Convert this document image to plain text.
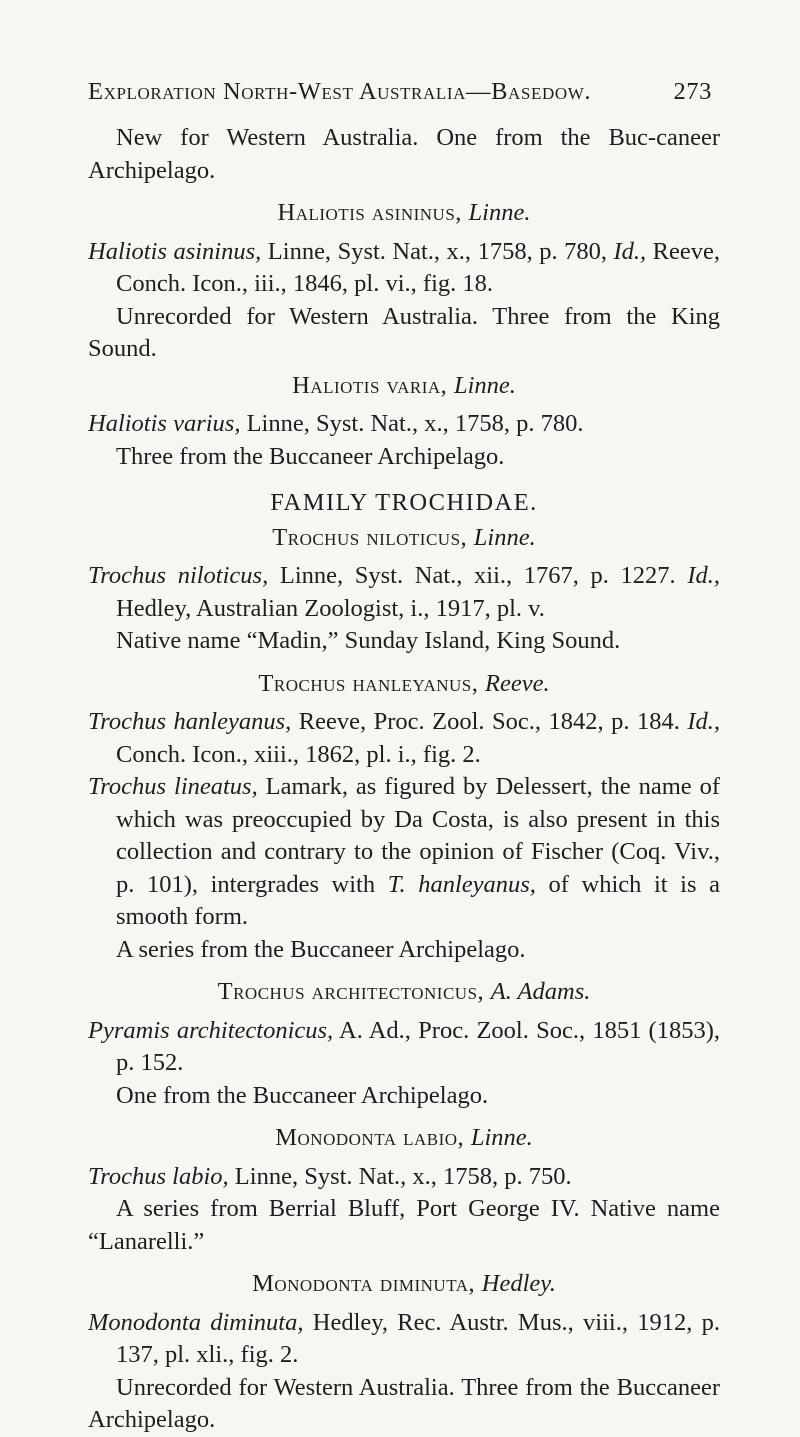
Exploration North-West Australia—Basedow.	273

New for Western Australia. One from the Buc-caneer Archipelago.

Haliotis asininus, Linne.

Haliotis asininus, Linne, Syst. Nat., x., 1758, p. 780, Id., Reeve, Conch. Icon., iii., 1846, pl. vi., fig. 18.

Unrecorded for Western Australia. Three from the King Sound.

Haliotis varia, Linne.

Haliotis varius, Linne, Syst. Nat., x., 1758, p. 780.

Three from the Buccaneer Archipelago.

FAMILY TROCHIDAE.

Trochus niloticus, Linne.

Trochus niloticus, Linne, Syst. Nat., xii., 1767, p. 1227. Id., Hedley, Australian Zoologist, i., 1917, pl. v.

Native name “Madin,” Sunday Island, King Sound.

Trochus hanleyanus, Reeve.

Trochus hanleyanus, Reeve, Proc. Zool. Soc., 1842, p. 184. Id., Conch. Icon., xiii., 1862, pl. i., fig. 2.

Trochus lineatus, Lamark, as figured by Delessert, the name of which was preoccupied by Da Costa, is also present in this collection and contrary to the opinion of Fischer (Coq. Viv., p. 101), intergrades with T. hanleyanus, of which it is a smooth form.

A series from the Buccaneer Archipelago.

Trochus architectonicus, A. Adams.

Pyramis architectonicus, A. Ad., Proc. Zool. Soc., 1851 (1853), p. 152.

One from the Buccaneer Archipelago.

Monodonta labio, Linne.

Trochus labio, Linne, Syst. Nat., x., 1758, p. 750.

A series from Berrial Bluff, Port George IV. Native name “Lanarelli.”

Monodonta diminuta, Hedley.

Monodonta diminuta, Hedley, Rec. Austr. Mus., viii., 1912, p. 137, pl. xli., fig. 2.

Unrecorded for Western Australia. Three from the Buccaneer Archipelago.
